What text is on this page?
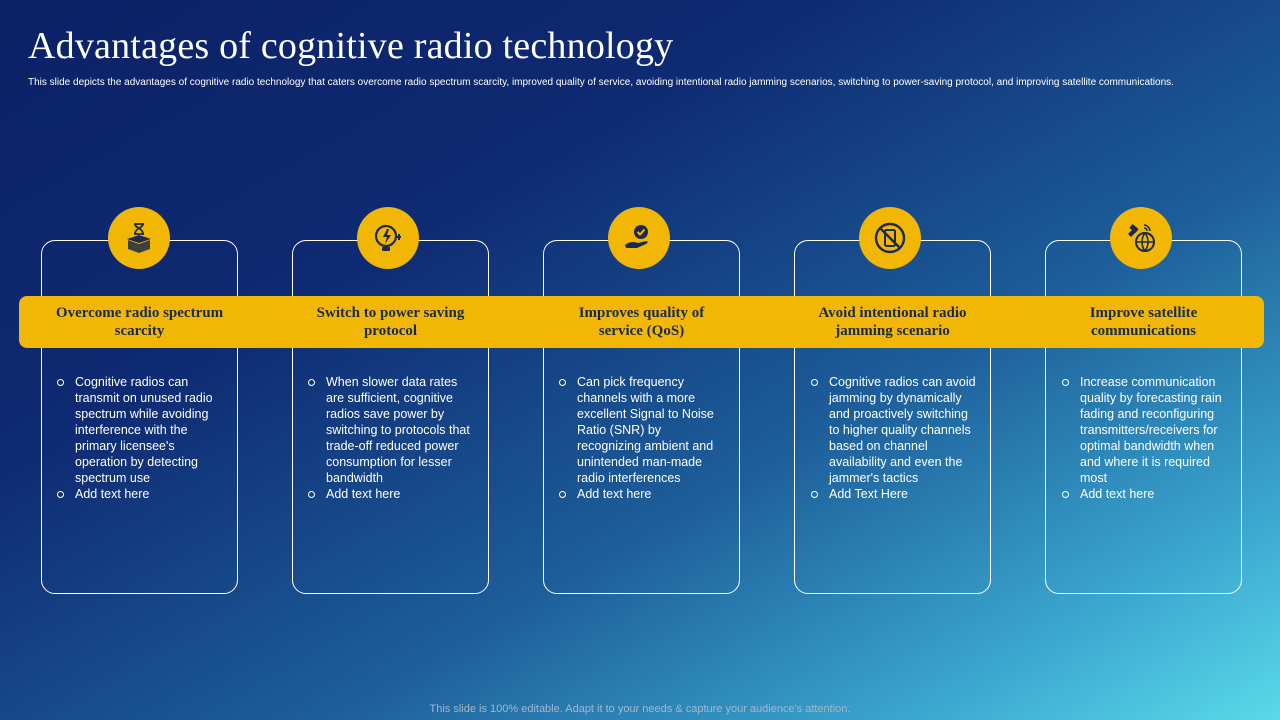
Advantages of cognitive radio technology
This slide depicts the advantages of cognitive radio technology that caters overcome radio spectrum scarcity, improved quality of service, avoiding intentional radio jamming scenarios, switching to power-saving protocol, and improving satellite communications.
Overcome radio spectrum scarcity
Switch to power saving protocol
Improves quality of service (QoS)
Avoid intentional radio jamming scenario
Improve satellite communications
Cognitive radios can transmit on unused radio spectrum while avoiding interference with the primary licensee's operation by detecting spectrum use
Add text here
When slower data rates are sufficient, cognitive radios save power by switching to protocols that trade-off reduced power consumption for lesser bandwidth
Add text here
Can pick frequency channels with a more excellent Signal to Noise Ratio (SNR) by recognizing ambient and unintended man-made radio interferences
Add text here
Cognitive radios can avoid jamming by dynamically and proactively switching to higher quality channels based on channel availability and even the jammer's tactics
Add Text Here
Increase communication quality by forecasting rain fading and reconfiguring transmitters/receivers for optimal bandwidth when and where it is required most
Add text here
This slide is 100% editable. Adapt it to your needs & capture your audience's attention.
